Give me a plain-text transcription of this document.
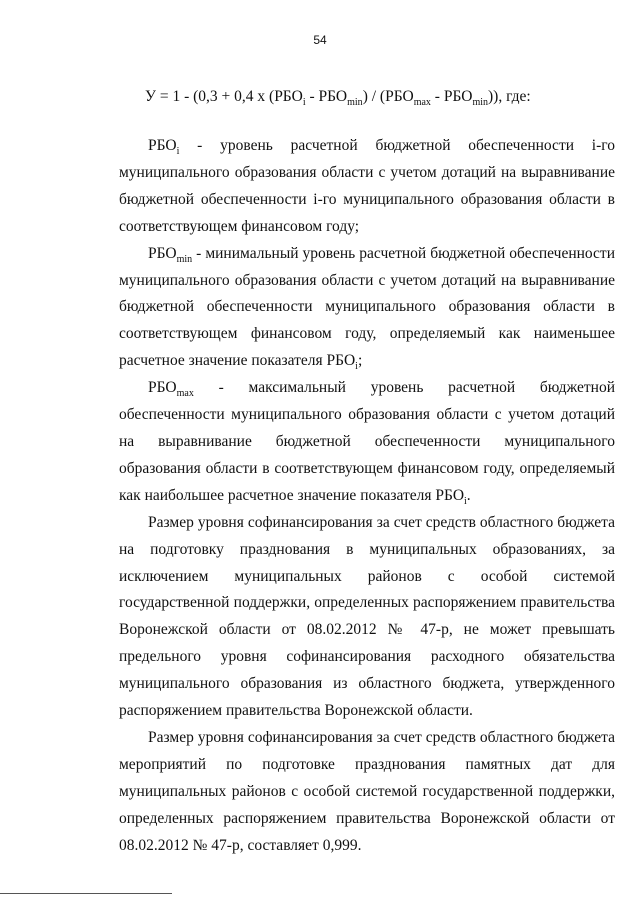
54
У = 1 - (0,3 + 0,4 х $(РБО_i - РБО_{min}) / (РБО_{max} - РБО_{min})$), где:

$РБО_i$ - уровень расчетной бюджетной обеспеченности i-го муниципального образования области с учетом дотаций на выравнивание бюджетной обеспеченности i-го муниципального образования области в соответствующем финансовом году;

$РБО_{min}$ - минимальный уровень расчетной бюджетной обеспеченности муниципального образования области с учетом дотаций на выравнивание бюджетной обеспеченности муниципального образования области в соответствующем финансовом году, определяемый как наименьшее расчетное значение показателя $РБО_i$;

$РБО_{max}$ - максимальный уровень расчетной бюджетной обеспеченности муниципального образования области с учетом дотаций на выравнивание бюджетной обеспеченности муниципального образования области в соответствующем финансовом году, определяемый как наибольшее расчетное значение показателя $РБО_i$.

Размер уровня софинансирования за счет средств областного бюджета на подготовку празднования в муниципальных образованиях, за исключением муниципальных районов с особой системой государственной поддержки, определенных распоряжением правительства Воронежской области от 08.02.2012 № 47-р, не может превышать предельного уровня софинансирования расходного обязательства муниципального образования из областного бюджета, утвержденного распоряжением правительства Воронежской области.

Размер уровня софинансирования за счет средств областного бюджета мероприятий по подготовке празднования памятных дат для муниципальных районов с особой системой государственной поддержки, определенных распоряжением правительства Воронежской области от 08.02.2012 № 47-р, составляет 0,999.
